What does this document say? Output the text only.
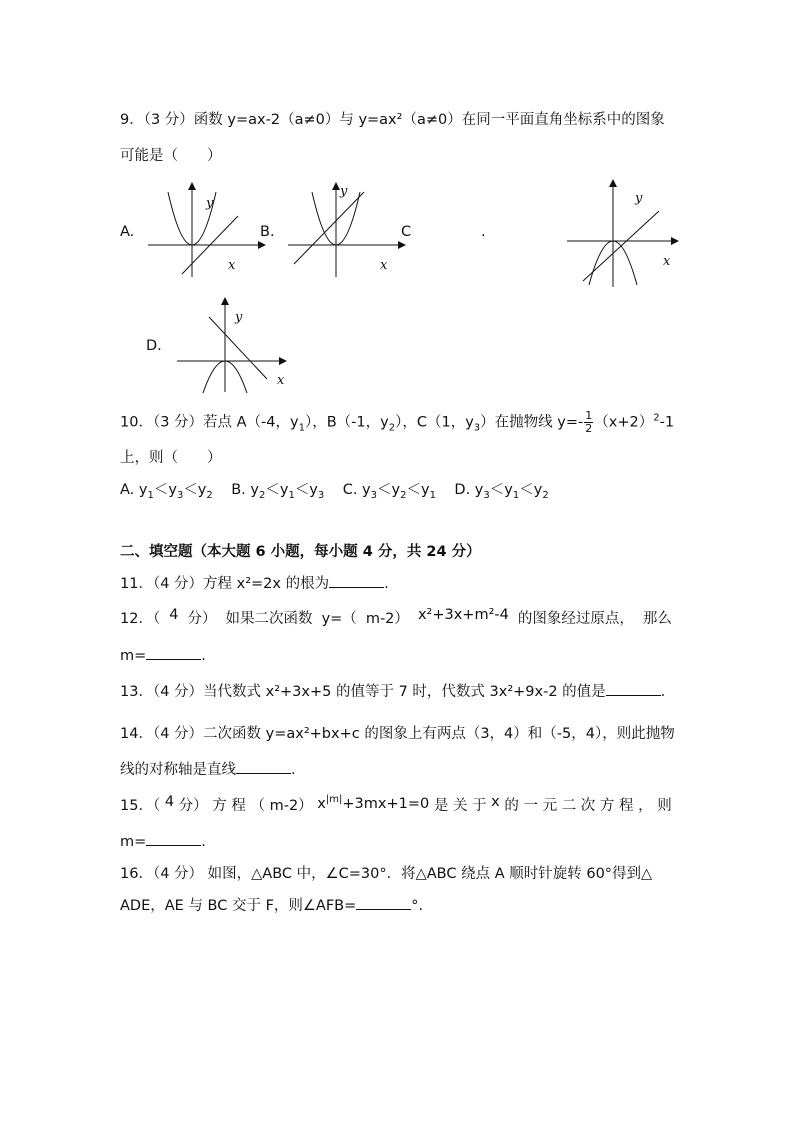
9．（3 分）函数 y=ax-2（a≠0）与 y=ax²（a≠0）在同一平面直角坐标系中的图象
可能是（　　）
A.
y
x
B.
y
x
C	.
y
x
D.
y
x
10．（3 分）若点 A（-4，$y_1$），B（-1，$y_2$），C（1，$y_3$）在抛物线 $y=- \frac{1}{2} (x+2)^2-1$
上，则（　　）
A. $y_1<y_3<y_2$ B. $y_2<y_1<y_3$ C. $y_3<y_2<y_1$ D. $y_3<y_1<y_2$
二、填空题（本大题 6 小题，每小题 4 分，共 24 分）
11．（4 分）方程 x²=2x 的根为	.
12．（ 4 分） 如果二次函数 y=（ m-2） x²+3x+m²-4 的图象经过原点， 那么
m=	.
13．（4 分）当代数式 x²+3x+5 的值等于 7 时，代数式 3x²+9x-2 的值是	.
14．（4 分）二次函数 y=ax²+bx+c 的图象上有两点（3，4）和（-5，4），则此抛物
线的对称轴是直线	.
15．（ 4 分） 方 程 （ m-2） $x^{|m|}+3mx+1=0$ 是 关 于 x 的 一 元 二 次 方 程 ， 则
m=	.
16．（4 分） 如图，△ABC 中，∠C=30°．将△ABC 绕点 A 顺时针旋转 60°得到△
ADE，AE 与 BC 交于 F，则∠AFB=	°.
